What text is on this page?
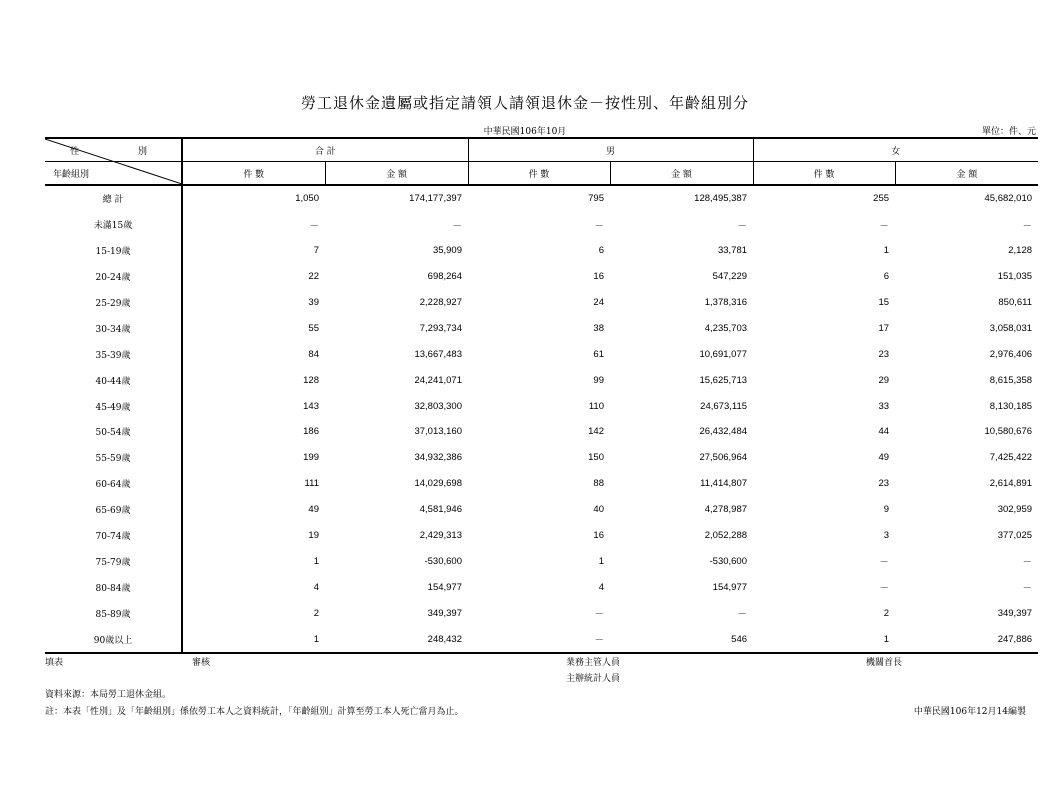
勞工退休金遺屬或指定請領人請領退休金－按性別、年齡組別分
中華民國106年10月	單位：件、元
性 別	合 計		男		女	
年齡組別	件 數	金 額	件 數	金 額	件 數	金 額
總 計	1,050	174,177,397	795	128,495,387	255	45,682,010
未滿15歲	－	－	－	－	－	－
15-19歲	7	35,909	6	33,781	1	2,128
20-24歲	22	698,264	16	547,229	6	151,035
25-29歲	39	2,228,927	24	1,378,316	15	850,611
30-34歲	55	7,293,734	38	4,235,703	17	3,058,031
35-39歲	84	13,667,483	61	10,691,077	23	2,976,406
40-44歲	128	24,241,071	99	15,625,713	29	8,615,358
45-49歲	143	32,803,300	110	24,673,115	33	8,130,185
50-54歲	186	37,013,160	142	26,432,484	44	10,580,676
55-59歲	199	34,932,386	150	27,506,964	49	7,425,422
60-64歲	111	14,029,698	88	11,414,807	23	2,614,891
65-69歲	49	4,581,946	40	4,278,987	9	302,959
70-74歲	19	2,429,313	16	2,052,288	3	377,025
75-79歲	1	-530,600	1	-530,600	－	－
80-84歲	4	154,977	4	154,977	－	－
85-89歲	2	349,397	－	－	2	349,397
90歲以上	1	248,432	－	546	1	247,886
填表	審核	業務主管人員
主辦統計人員
機關首長
資料來源：本局勞工退休金組。
註：本表「性別」及「年齡組別」係依勞工本人之資料統計，「年齡組別」計算至勞工本人死亡當月為止。	中華民國106年12月14編製
